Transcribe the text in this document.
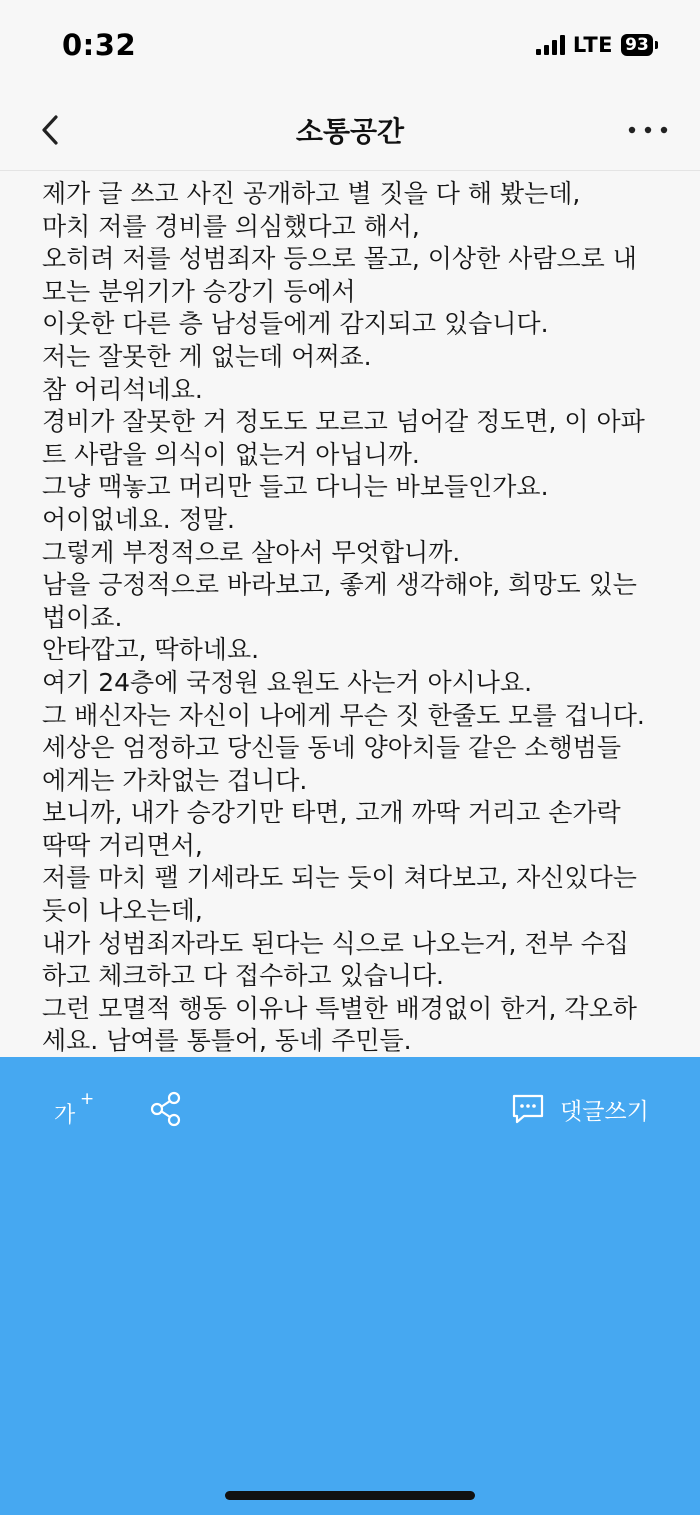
0:32	LTE 93
소통공간
제가 글 쓰고 사진 공개하고 별 짓을 다 해 봤는데,
마치 저를 경비를 의심했다고 해서,
오히려 저를 성범죄자 등으로 몰고, 이상한 사람으로 내
모는 분위기가 승강기 등에서
이웃한 다른 층 남성들에게 감지되고 있습니다.
저는 잘못한 게 없는데 어쩌죠.
참 어리석네요.
경비가 잘못한 거 정도도 모르고 넘어갈 정도면, 이 아파
트 사람을 의식이 없는거 아닙니까.
그냥 맥놓고 머리만 들고 다니는 바보들인가요.
어이없네요. 정말.
그렇게 부정적으로 살아서 무엇합니까.
남을 긍정적으로 바라보고, 좋게 생각해야, 희망도 있는
법이죠.
안타깝고, 딱하네요.
여기 24층에 국정원 요원도 사는거 아시나요.
그 배신자는 자신이 나에게 무슨 짓 한줄도 모를 겁니다.
세상은 엄정하고 당신들 동네 양아치들 같은 소행범들
에게는 가차없는 겁니다.
보니까, 내가 승강기만 타면, 고개 까딱 거리고 손가락
딱딱 거리면서,
저를 마치 팰 기세라도 되는 듯이 쳐다보고, 자신있다는
듯이 나오는데,
내가 성범죄자라도 된다는 식으로 나오는거, 전부 수집
하고 체크하고 다 접수하고 있습니다.
그런 모멸적 행동 이유나 특별한 배경없이 한거, 각오하
세요. 남여를 통틀어, 동네 주민들.
가
+	댓글쓰기
